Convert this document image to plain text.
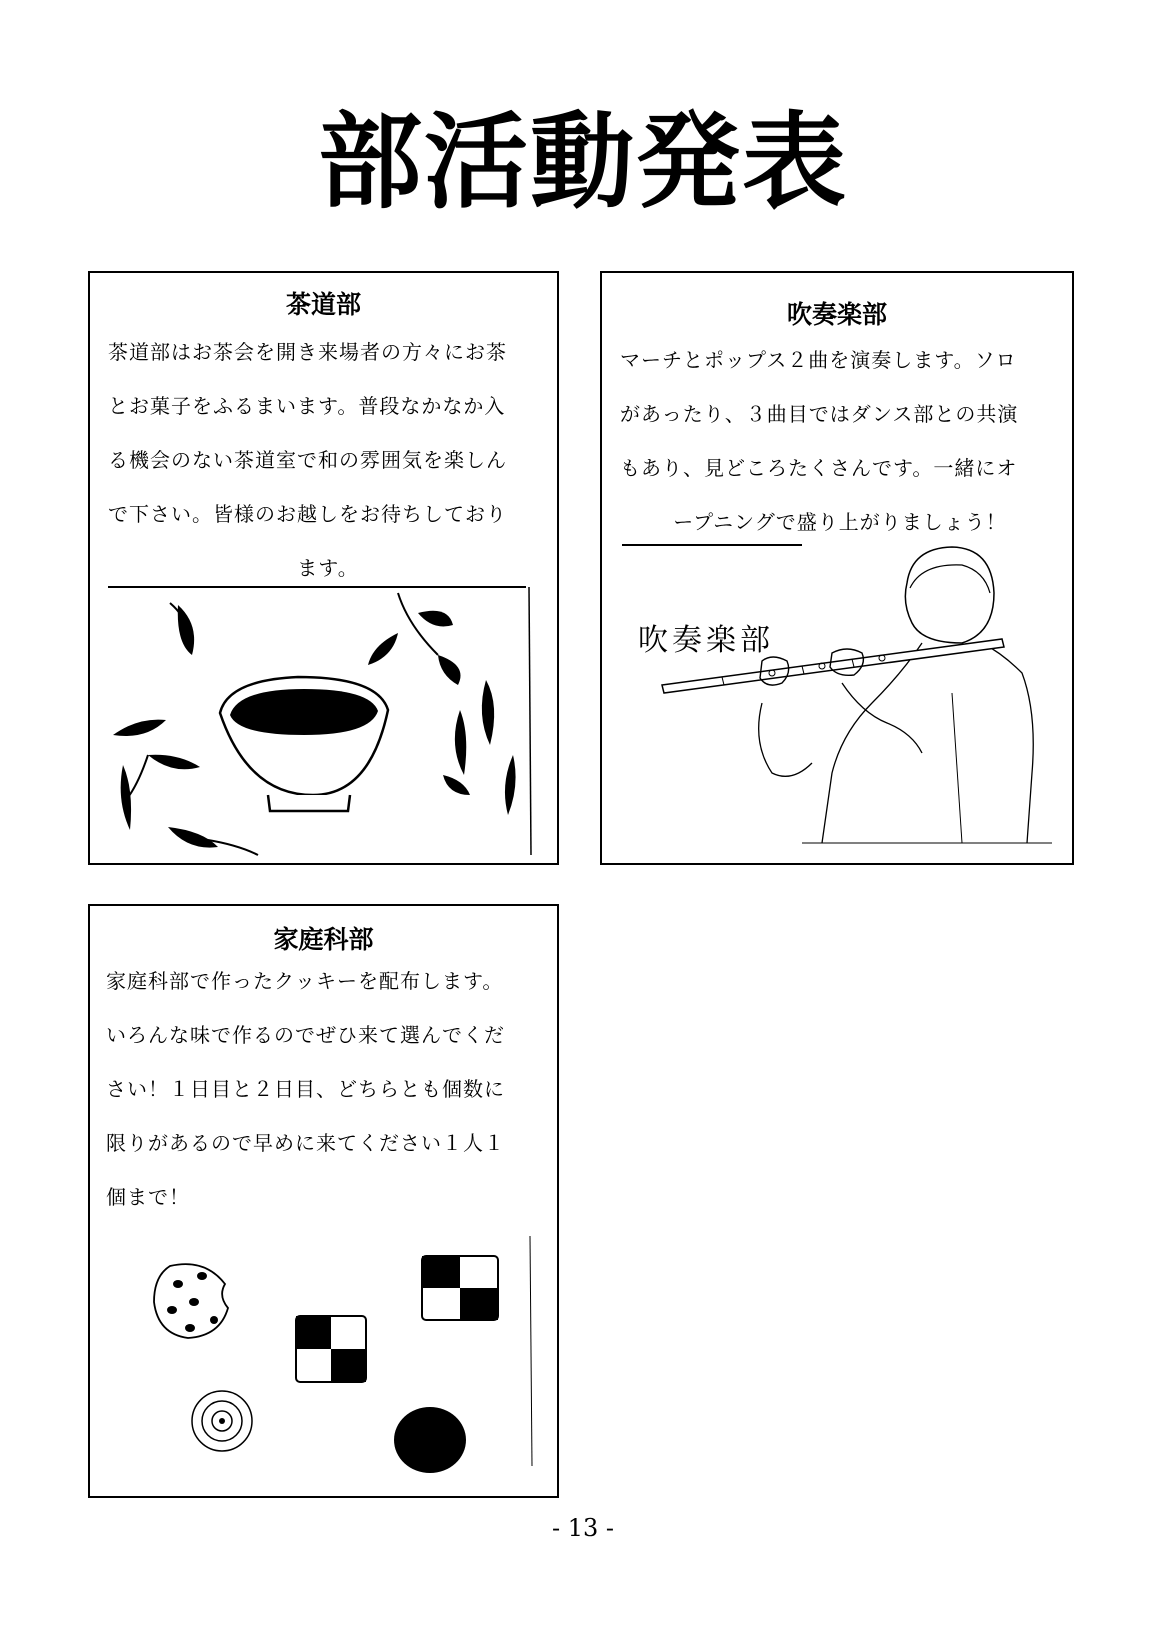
部活動発表
茶道部
茶道部はお茶会を開き来場者の方々にお茶
とお菓子をふるまいます。普段なかなか入
る機会のない茶道室で和の雰囲気を楽しん
で下さい。皆様のお越しをお待ちしており
ます。
吹奏楽部
マーチとポップス２曲を演奏します。ソロ
があったり、３曲目ではダンス部との共演
もあり、見どころたくさんです。一緒にオ
ープニングで盛り上がりましょう！
吹奏楽部
家庭科部
家庭科部で作ったクッキーを配布します。
いろんな味で作るのでぜひ来て選んでくだ
さい！１日目と２日目、どちらとも個数に
限りがあるので早めに来てください１人１
個まで！
- 13 -
